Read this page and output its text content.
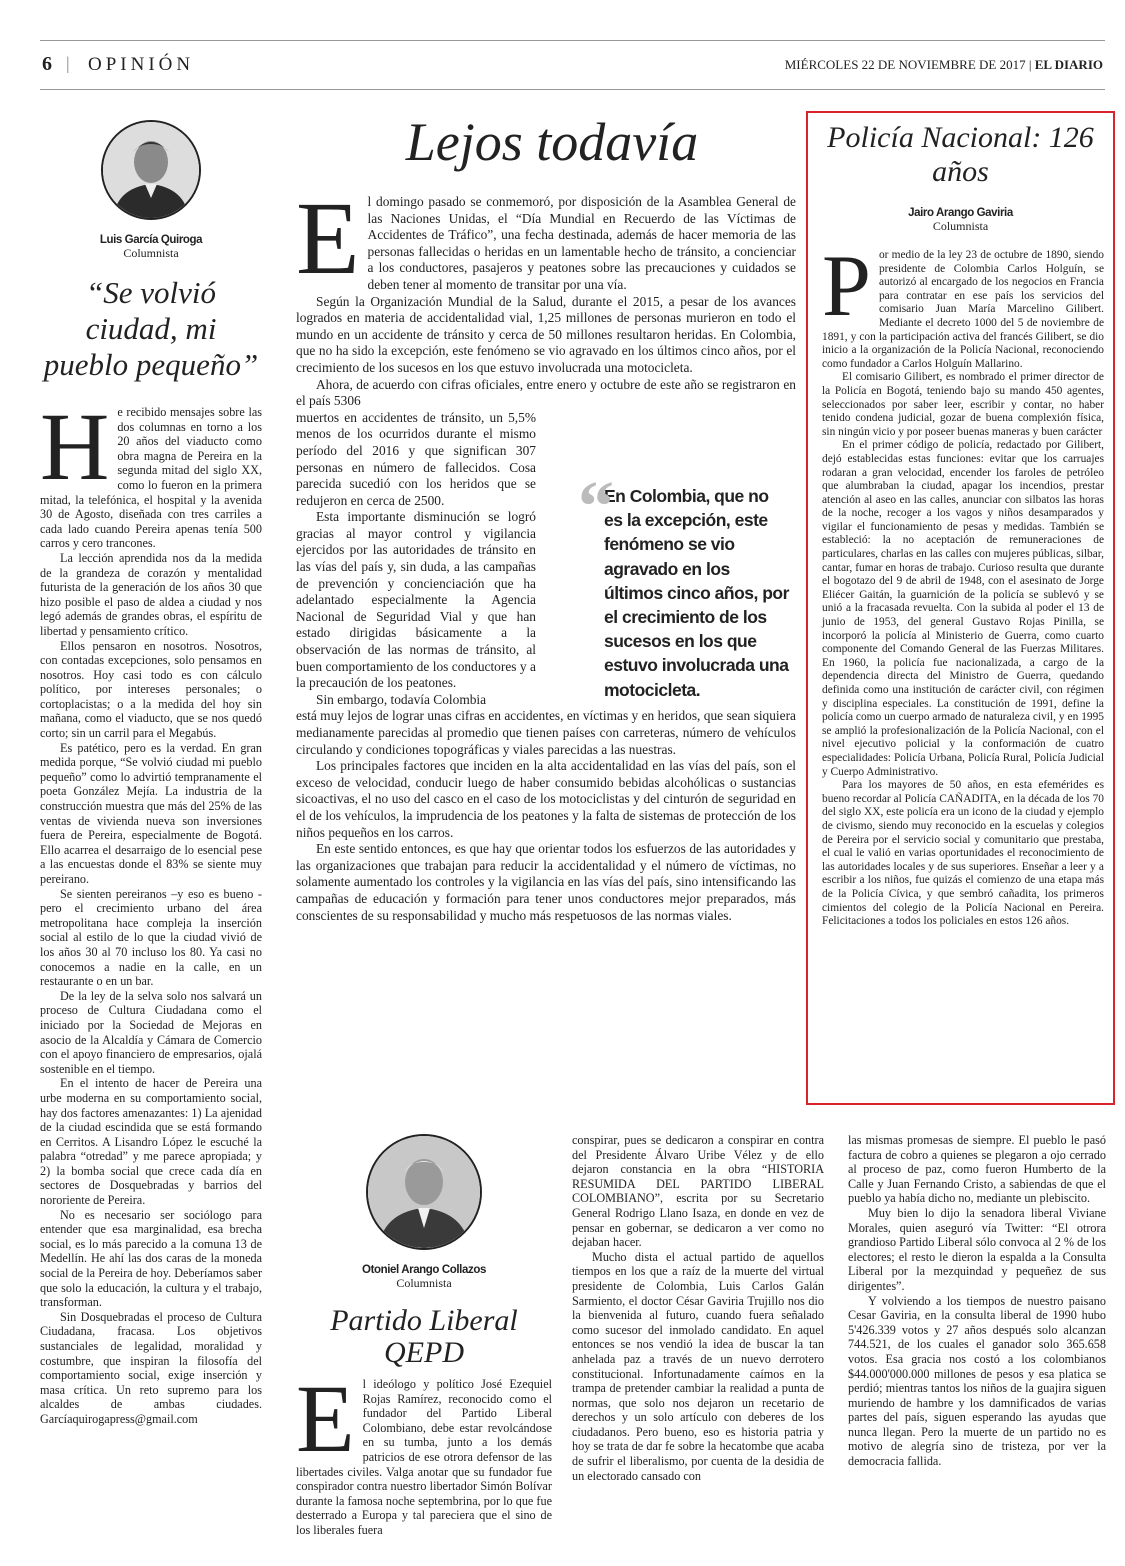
6 | OPINIÓN	MIÉRCOLES 22 DE NOVIEMBRE DE 2017 | EL DIARIO
Luis García Quiroga
Columnista
“Se volvió ciudad, mi pueblo pequeño”

He recibido mensajes sobre las dos columnas en torno a los 20 años del viaducto como obra magna de Pereira en la segunda mitad del siglo XX, como lo fueron en la primera mitad, la telefónica, el hospital y la avenida 30 de Agosto, diseñada con tres carriles a cada lado cuando Pereira apenas tenía 500 carros y cero trancones.

La lección aprendida nos da la medida de la grandeza de corazón y mentalidad futurista de la generación de los años 30 que hizo posible el paso de aldea a ciudad y nos legó además de grandes obras, el espíritu de libertad y pensamiento crítico.

Ellos pensaron en nosotros. Nosotros, con contadas excepciones, solo pensamos en nosotros. Hoy casi todo es con cálculo político, por intereses personales; o cortoplacistas; o a la medida del hoy sin mañana, como el viaducto, que se nos quedó corto; sin un carril para el Megabús.

Es patético, pero es la verdad. En gran medida porque, “Se volvió ciudad mi pueblo pequeño” como lo advirtió tempranamente el poeta González Mejía. La industria de la construcción muestra que más del 25% de las ventas de vivienda nueva son inversiones fuera de Pereira, especialmente de Bogotá. Ello acarrea el desarraigo de lo esencial pese a las encuestas donde el 83% se siente muy pereirano.

Se sienten pereiranos –y eso es bueno - pero el crecimiento urbano del área metropolitana hace compleja la inserción social al estilo de lo que la ciudad vivió de los años 30 al 70 incluso los 80. Ya casi no conocemos a nadie en la calle, en un restaurante o en un bar.

De la ley de la selva solo nos salvará un proceso de Cultura Ciudadana como el iniciado por la Sociedad de Mejoras en asocio de la Alcaldía y Cámara de Comercio con el apoyo financiero de empresarios, ojalá sostenible en el tiempo.

En el intento de hacer de Pereira una urbe moderna en su comportamiento social, hay dos factores amenazantes: 1) La ajenidad de la ciudad escindida que se está formando en Cerritos. A Lisandro López le escuché la palabra “otredad” y me parece apropiada; y 2) la bomba social que crece cada día en sectores de Dosquebradas y barrios del nororiente de Pereira.

No es necesario ser sociólogo para entender que esa marginalidad, esa brecha social, es lo más parecido a la comuna 13 de Medellín. He ahí las dos caras de la moneda social de la Pereira de hoy. Deberíamos saber que solo la educación, la cultura y el trabajo, transforman.

Sin Dosquebradas el proceso de Cultura Ciudadana, fracasa. Los objetivos sustanciales de legalidad, moralidad y costumbre, que inspiran la filosofía del comportamiento social, exige inserción y masa crítica. Un reto supremo para los alcaldes de ambas ciudades. Garcíaquirogapress@gmail.com

Lejos todavía

El domingo pasado se conmemoró, por disposición de la Asamblea General de las Naciones Unidas, el “Día Mundial en Recuerdo de las Víctimas de Accidentes de Tráfico”, una fecha destinada, además de hacer memoria de las personas fallecidas o heridas en un lamentable hecho de tránsito, a concienciar a los conductores, pasajeros y peatones sobre las precauciones y cuidados se deben tener al momento de transitar por una vía.

Según la Organización Mundial de la Salud, durante el 2015, a pesar de los avances logrados en materia de accidentalidad vial, 1,25 millones de personas murieron en todo el mundo en un accidente de tránsito y cerca de 50 millones resultaron heridas. En Colombia, que no ha sido la excepción, este fenómeno se vio agravado en los últimos cinco años, por el crecimiento de los sucesos en los que estuvo involucrada una motocicleta.

Ahora, de acuerdo con cifras oficiales, entre enero y octubre de este año se registraron en el país 5306

muertos en accidentes de tránsito, un 5,5% menos de los ocurridos durante el mismo período del 2016 y que significan 307 personas en número de fallecidos. Cosa parecida sucedió con los heridos que se redujeron en cerca de 2500.

Esta importante disminución se logró gracias al mayor control y vigilancia ejercidos por las autoridades de tránsito en las vías del país y, sin duda, a las campañas de prevención y concienciación que ha adelantado especialmente la Agencia Nacional de Seguridad Vial y que han estado dirigidas básicamente a la observación de las normas de tránsito, al buen comportamiento de los conductores y a la precaución de los peatones.

Sin embargo, todavía Colombia

está muy lejos de lograr unas cifras en accidentes, en víctimas y en heridos, que sean siquiera medianamente parecidas al promedio que tienen países con carreteras, número de vehículos circulando y condiciones topográficas y viales parecidas a las nuestras.

Los principales factores que inciden en la alta accidentalidad en las vías del país, son el exceso de velocidad, conducir luego de haber consumido bebidas alcohólicas o sustancias sicoactivas, el no uso del casco en el caso de los motociclistas y del cinturón de seguridad en el de los vehículos, la imprudencia de los peatones y la falta de sistemas de protección de los niños pequeños en los carros.

En este sentido entonces, es que hay que orientar todos los esfuerzos de las autoridades y las organizaciones que trabajan para reducir la accidentalidad y el número de víctimas, no solamente aumentado los controles y la vigilancia en las vías del país, sino intensificando las campañas de educación y formación para tener unos conductores mejor preparados, más conscientes de su responsabilidad y mucho más respetuosos de las normas viales.

“
En Colombia, que no es la excepción, este fenómeno se vio agravado en los últimos cinco años, por el crecimiento de los sucesos en los que estuvo involucrada una motocicleta.
Policía Nacional: 126 años
Jairo Arango Gaviria
Columnista

Por medio de la ley 23 de octubre de 1890, siendo presidente de Colombia Carlos Holguín, se autorizó al encargado de los negocios en Francia para contratar en ese país los servicios del comisario Juan María Marcelino Gilibert. Mediante el decreto 1000 del 5 de noviembre de 1891, y con la participación activa del francés Gilibert, se dio inicio a la organización de la Policía Nacional, reconociendo como fundador a Carlos Holguín Mallarino.

El comisario Gilibert, es nombrado el primer director de la Policía en Bogotá, teniendo bajo su mando 450 agentes, seleccionados por saber leer, escribir y contar, no haber tenido condena judicial, gozar de buena complexión física, sin ningún vicio y por poseer buenas maneras y buen carácter

En el primer código de policía, redactado por Gilibert, dejó establecidas estas funciones: evitar que los carruajes rodaran a gran velocidad, encender los faroles de petróleo que alumbraban la ciudad, apagar los incendios, prestar atención al aseo en las calles, anunciar con silbatos las horas de la noche, recoger a los vagos y niños desamparados y vigilar el funcionamiento de pesas y medidas. También se estableció: la no aceptación de remuneraciones de particulares, charlas en las calles con mujeres públicas, silbar, cantar, fumar en horas de trabajo. Curioso resulta que durante el bogotazo del 9 de abril de 1948, con el asesinato de Jorge Eliécer Gaitán, la guarnición de la policía se sublevó y se unió a la fracasada revuelta. Con la subida al poder el 13 de junio de 1953, del general Gustavo Rojas Pinilla, se incorporó la policía al Ministerio de Guerra, como cuarto componente del Comando General de las Fuerzas Militares. En 1960, la policía fue nacionalizada, a cargo de la dependencia directa del Ministro de Guerra, quedando definida como una institución de carácter civil, con régimen y disciplina especiales. La constitución de 1991, define la policía como un cuerpo armado de naturaleza civil, y en 1995 se amplió la profesionalización de la Policía Nacional, con el nivel ejecutivo policial y la conformación de cuatro especialidades: Policía Urbana, Policía Rural, Policía Judicial y Cuerpo Administrativo.

Para los mayores de 50 años, en esta efemérides es bueno recordar al Policía CAÑADITA, en la década de los 70 del siglo XX, este policía era un icono de la ciudad y ejemplo de civismo, siendo muy reconocido en la escuelas y colegios de Pereira por el servicio social y comunitario que prestaba, el cual le valió en varias oportunidades el reconocimiento de las autoridades locales y de sus superiores. Enseñar a leer y a escribir a los niños, fue quizás el comienzo de una etapa más de la Policía Cívica, y que sembró cañadita, los primeros cimientos del colegio de la Policía Nacional en Pereira. Felicitaciones a todos los policiales en estos 126 años.

Otoniel Arango Collazos
Columnista
Partido Liberal QEPD

El ideólogo y político José Ezequiel Rojas Ramírez, reconocido como el fundador del Partido Liberal Colombiano, debe estar revolcándose en su tumba, junto a los demás patricios de ese otrora defensor de las libertades civiles. Valga anotar que su fundador fue conspirador contra nuestro libertador Simón Bolívar durante la famosa noche septembrina, por lo que fue desterrado a Europa y tal pareciera que el sino de los liberales fuera

conspirar, pues se dedicaron a conspirar en contra del Presidente Álvaro Uribe Vélez y de ello dejaron constancia en la obra “HISTORIA RESUMIDA DEL PARTIDO LIBERAL COLOMBIANO”, escrita por su Secretario General Rodrigo Llano Isaza, en donde en vez de pensar en gobernar, se dedicaron a ver como no dejaban hacer.

Mucho dista el actual partido de aquellos tiempos en los que a raíz de la muerte del virtual presidente de Colombia, Luis Carlos Galán Sarmiento, el doctor César Gaviria Trujillo nos dio la bienvenida al futuro, cuando fuera señalado como sucesor del inmolado candidato. En aquel entonces se nos vendió la idea de buscar la tan anhelada paz a través de un nuevo derrotero constitucional. Infortunadamente caímos en la trampa de pretender cambiar la realidad a punta de normas, que solo nos dejaron un recetario de derechos y un solo artículo con deberes de los ciudadanos. Pero bueno, eso es historia patria y hoy se trata de dar fe sobre la hecatombe que acaba de sufrir el liberalismo, por cuenta de la desidia de un electorado cansado con

las mismas promesas de siempre. El pueblo le pasó factura de cobro a quienes se plegaron a ojo cerrado al proceso de paz, como fueron Humberto de la Calle y Juan Fernando Cristo, a sabiendas de que el pueblo ya había dicho no, mediante un plebiscito.

Muy bien lo dijo la senadora liberal Viviane Morales, quien aseguró vía Twitter: “El otrora grandioso Partido Liberal sólo convoca al 2 % de los electores; el resto le dieron la espalda a la Consulta Liberal por la mezquindad y pequeñez de sus dirigentes”.

Y volviendo a los tiempos de nuestro paisano Cesar Gaviria, en la consulta liberal de 1990 hubo 5'426.339 votos y 27 años después solo alcanzan 744.521, de los cuales el ganador solo 365.658 votos. Esa gracia nos costó a los colombianos $44.000'000.000 millones de pesos y esa platica se perdió; mientras tantos los niños de la guajira siguen muriendo de hambre y los damnificados de varias partes del país, siguen esperando las ayudas que nunca llegan. Pero la muerte de un partido no es motivo de alegría sino de tristeza, por ver la democracia fallida.
